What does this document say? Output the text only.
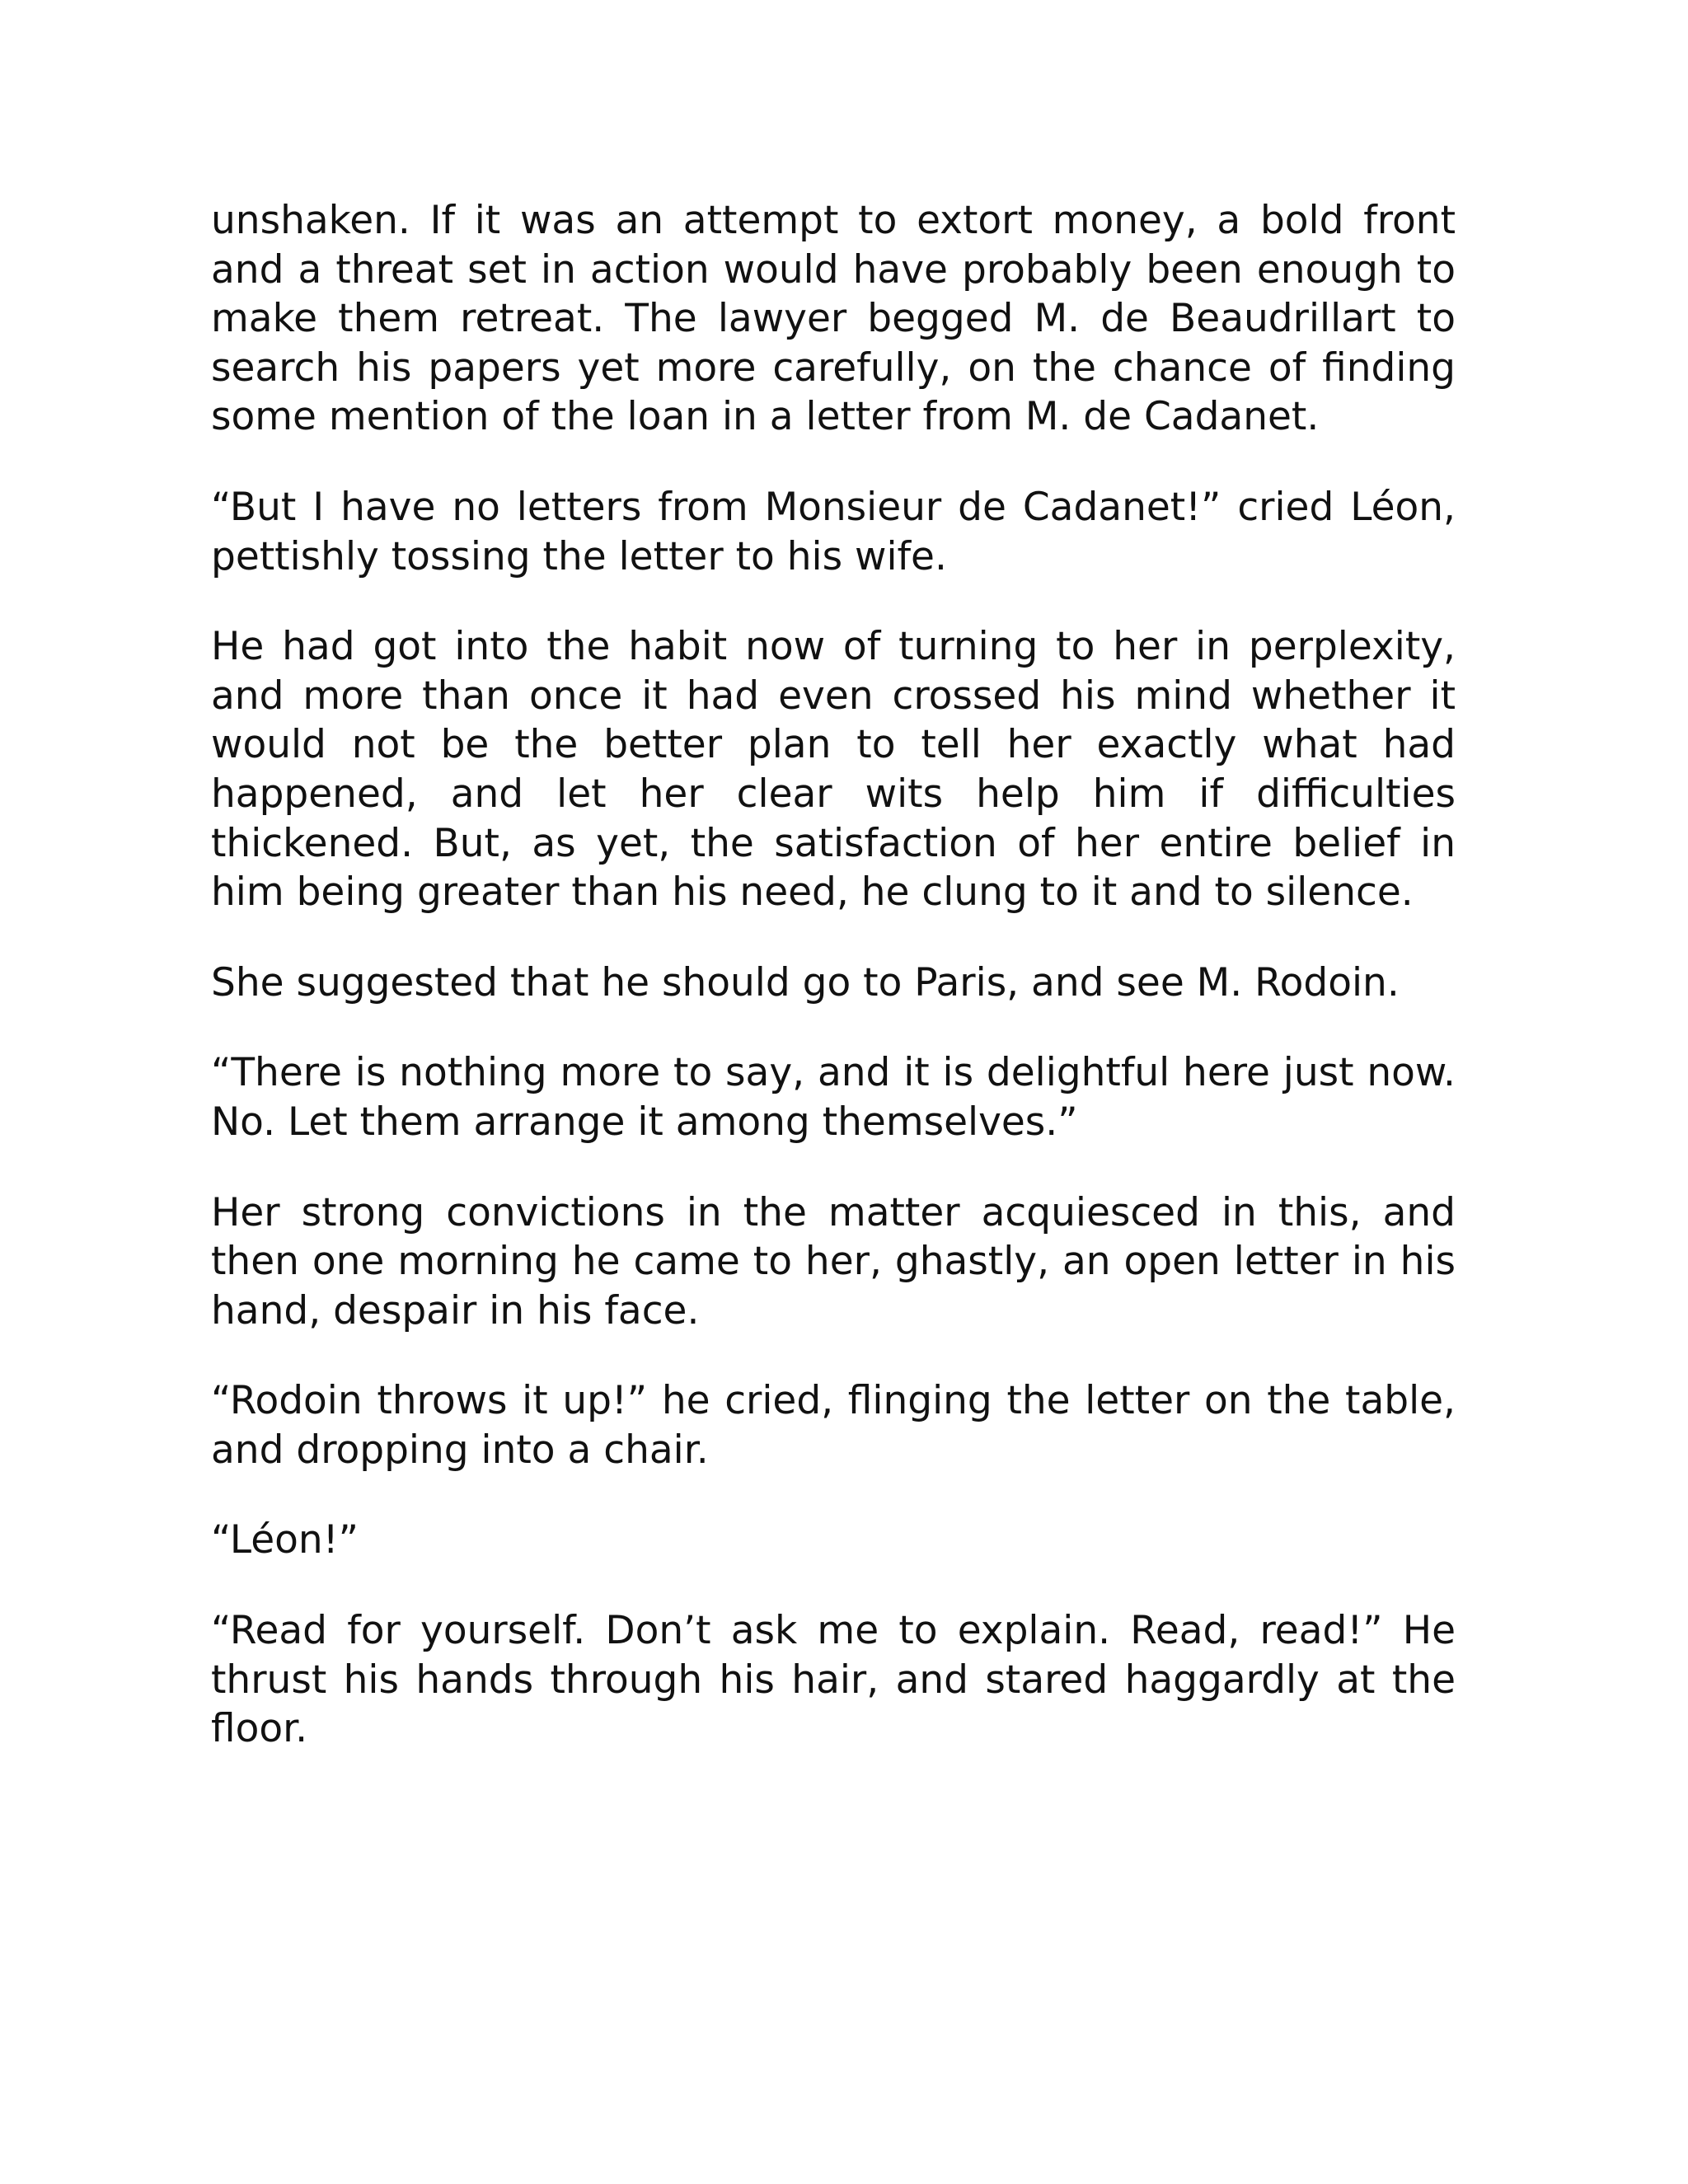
unshaken. If it was an attempt to extort money, a bold front and a threat set in action would have probably been enough to make them retreat. The lawyer begged M. de Beaudrillart to search his papers yet more carefully, on the chance of finding some mention of the loan in a letter from M. de Cadanet.

“But I have no letters from Monsieur de Cadanet!” cried Léon, pettishly tossing the letter to his wife.

He had got into the habit now of turning to her in perplexity, and more than once it had even crossed his mind whether it would not be the better plan to tell her exactly what had happened, and let her clear wits help him if difficulties thickened. But, as yet, the satisfaction of her entire belief in him being greater than his need, he clung to it and to silence.

She suggested that he should go to Paris, and see M. Rodoin.

“There is nothing more to say, and it is delightful here just now. No. Let them arrange it among themselves.”

Her strong convictions in the matter acquiesced in this, and then one morning he came to her, ghastly, an open letter in his hand, despair in his face.

“Rodoin throws it up!” he cried, flinging the letter on the table, and dropping into a chair.

“Léon!”

“Read for yourself. Don’t ask me to explain. Read, read!” He thrust his hands through his hair, and stared haggardly at the floor.
